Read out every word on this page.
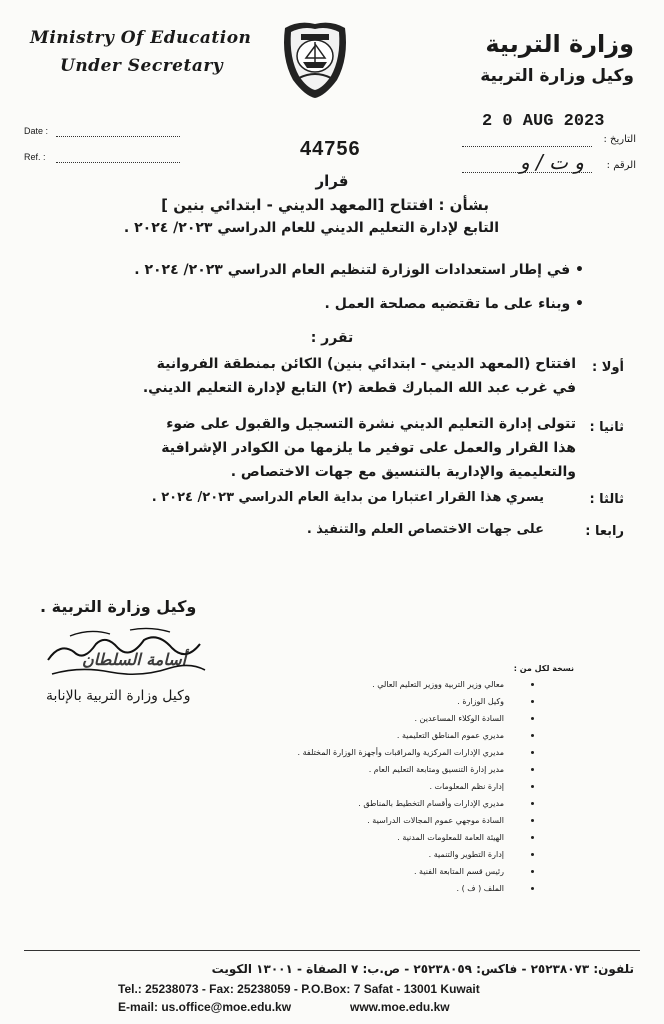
Ministry Of Education
Under Secretary
وزارة التربية
وكيل وزارة التربية
Date :
Ref. :	44756
2 0 AUG 2023
التاريخ :
الرقم :
و ت / و
قرار
بشأن : افتتاح [المعهد الديني - ابتدائي بنين ]
التابع لإدارة التعليم الديني للعام الدراسي ٢٠٢٣/ ٢٠٢٤ .
• في إطار استعدادات الوزارة لتنظيم العام الدراسي ٢٠٢٣/ ٢٠٢٤ .
• وبناء على ما تقتضيه مصلحة العمل .
تقرر :
أولا :
افتتاح (المعهد الديني - ابتدائي بنين) الكائن بمنطقة الفروانية
في غرب عبد الله المبارك قطعة (٢) التابع لإدارة التعليم الديني.
ثانيا :
تتولى إدارة التعليم الديني نشرة التسجيل والقبول على ضوء
هذا القرار والعمل على توفير ما يلزمها من الكوادر الإشرافية
والتعليمية والإدارية بالتنسيق مع جهات الاختصاص .
ثالثا :
يسري هذا القرار اعتبارا من بداية العام الدراسي ٢٠٢٣/ ٢٠٢٤ .
رابعا :
على جهات الاختصاص العلم والتنفيذ .
وكيل وزارة التربية .
أسامة السلطان
وكيل وزارة التربية بالإنابة
نسخة لكل من :
معالي وزير التربية ووزير التعليم العالي .
وكيل الوزارة .
السادة الوكلاء المساعدين .
مديري عموم المناطق التعليمية .
مديري الإدارات المركزية والمراقبات وأجهزة الوزارة المختلفة .
مدير إدارة التنسيق ومتابعة التعليم العام .
إدارة نظم المعلومات .
مديري الإدارات وأقسام التخطيط بالمناطق .
السادة موجهي عموم المجالات الدراسية .
الهيئة العامة للمعلومات المدنية .
إدارة التطوير والتنمية .
رئيس قسم المتابعة الفنية .
الملف ( ف ) .
تلفون: ٢٥٢٣٨٠٧٣ - فاكس: ٢٥٢٣٨٠٥٩ - ص.ب: ٧ الصفاة - ١٣٠٠١ الكويت
Tel.: 25238073 - Fax: 25238059 - P.O.Box: 7 Safat - 13001 Kuwait
E-mail: us.office@moe.edu.kw	www.moe.edu.kw
